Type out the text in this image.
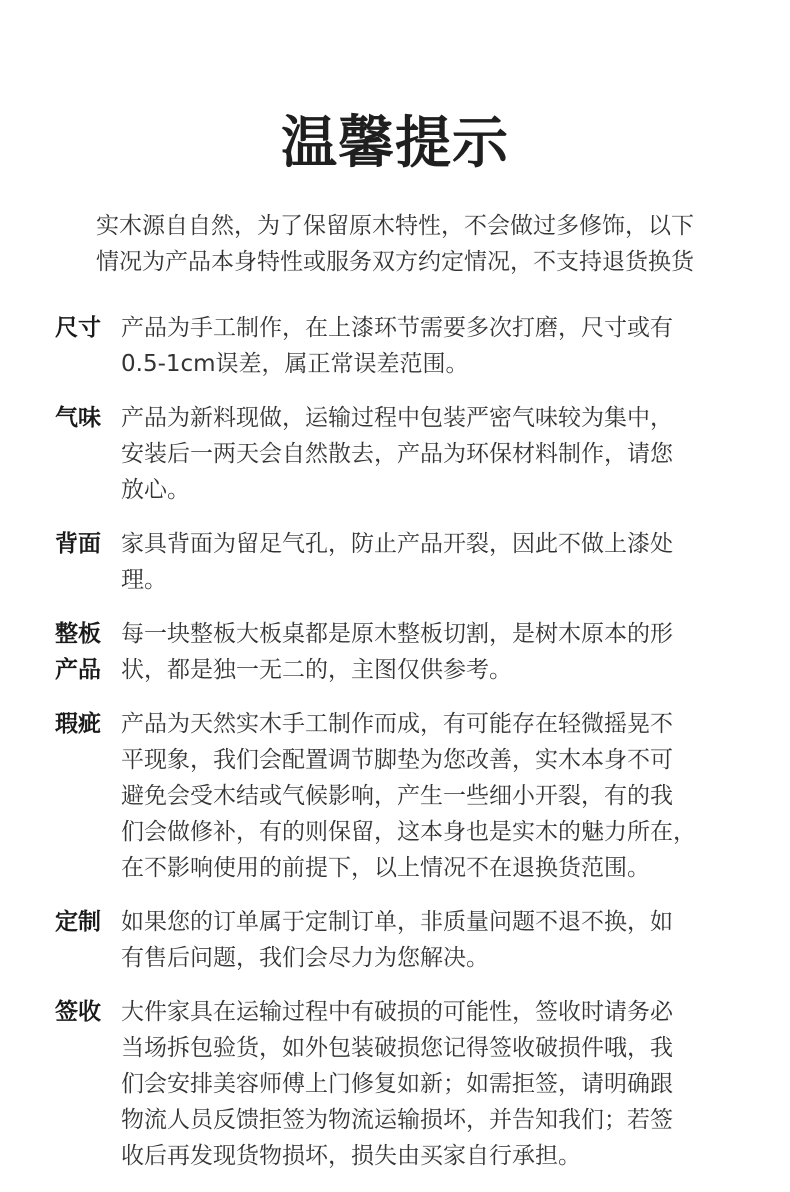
温馨提示
实木源自自然，为了保留原木特性，不会做过多修饰，以下
情况为产品本身特性或服务双方约定情况，不支持退货换货
尺寸 产品为手工制作，在上漆环节需要多次打磨，尺寸或有
0.5-1cm误差，属正常误差范围。
气味 产品为新料现做，运输过程中包装严密气味较为集中，
安装后一两天会自然散去，产品为环保材料制作，请您
放心。
背面 家具背面为留足气孔，防止产品开裂，因此不做上漆处
理。
整板
产品
每一块整板大板桌都是原木整板切割，是树木原本的形
状，都是独一无二的，主图仅供参考。
瑕疵 产品为天然实木手工制作而成，有可能存在轻微摇晃不
平现象，我们会配置调节脚垫为您改善，实木本身不可
避免会受木结或气候影响，产生一些细小开裂，有的我
们会做修补，有的则保留，这本身也是实木的魅力所在，
在不影响使用的前提下，以上情况不在退换货范围。
定制 如果您的订单属于定制订单，非质量问题不退不换，如
有售后问题，我们会尽力为您解决。
签收 大件家具在运输过程中有破损的可能性，签收时请务必
当场拆包验货，如外包装破损您记得签收破损件哦，我
们会安排美容师傅上门修复如新；如需拒签，请明确跟
物流人员反馈拒签为物流运输损坏，并告知我们；若签
收后再发现货物损坏，损失由买家自行承担。
